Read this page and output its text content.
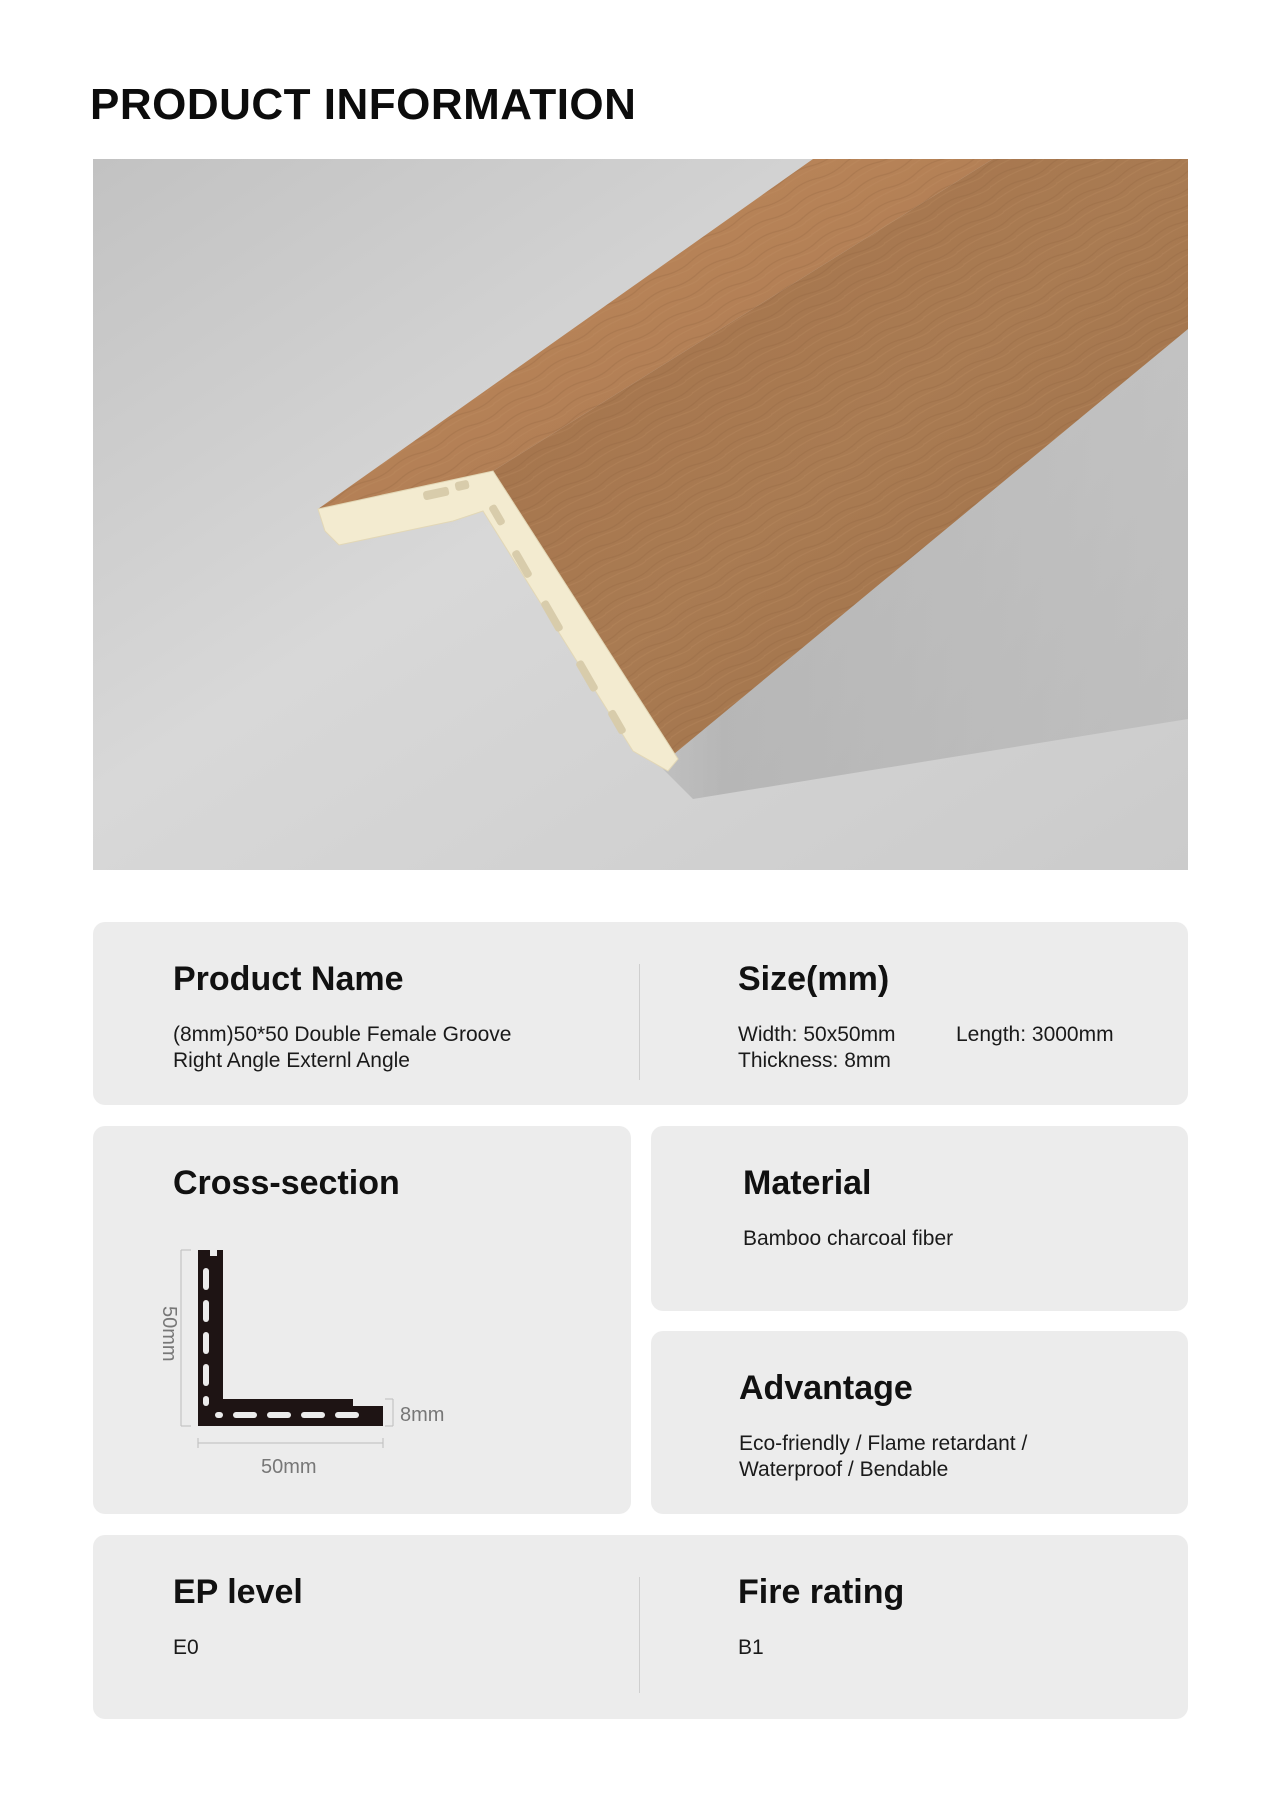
PRODUCT INFORMATION
Product Name
(8mm)50*50 Double Female Groove
Right Angle Externl Angle
Size(mm)
Width: 50x50mm	Length: 3000mm
Thickness: 8mm
Cross-section
50mm
50mm
8mm
Material
Bamboo charcoal fiber
Advantage
Eco-friendly / Flame retardant /
Waterproof / Bendable
EP level
E0
Fire rating
B1
